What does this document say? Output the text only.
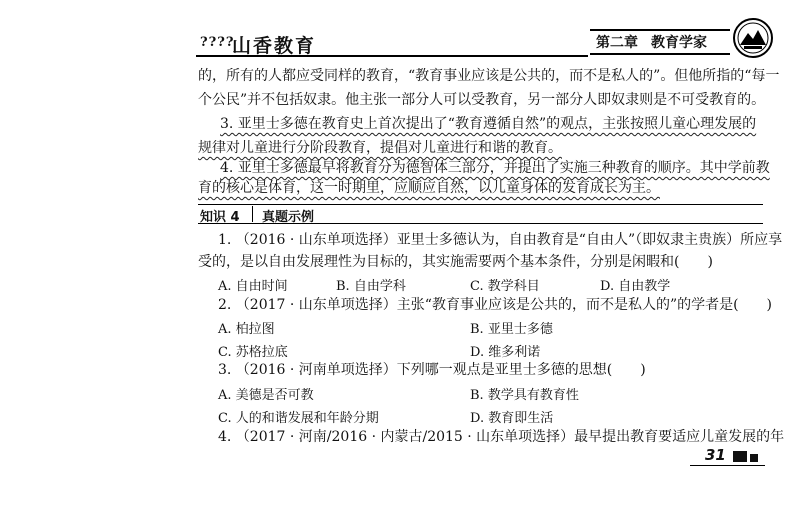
????
山香教育	第二章 教育学家
的，所有的人都应受同样的教育，“教育事业应该是公共的，而不是私人的”。但他所指的“每一
个公民”并不包括奴隶。他主张一部分人可以受教育，另一部分人即奴隶则是不可受教育的。
3. 亚里士多德在教育史上首次提出了“教育遵循自然”的观点，主张按照儿童心理发展的
规律对儿童进行分阶段教育，提倡对儿童进行和谐的教育。
4. 亚里士多德最早将教育分为德智体三部分，并提出了实施三种教育的顺序。其中学前教
育的核心是体育，这一时期里，应顺应自然，以儿童身体的发育成长为主。
知识 4 真题示例
1. （2016 · 山东单项选择）亚里士多德认为，自由教育是“自由人”（即奴隶主贵族）所应享
受的，是以自由发展理性为目标的，其实施需要两个基本条件，分别是闲暇和(　　)
A. 自由时间	B. 自由学科	C. 教学科目	D. 自由教学
2. （2017 · 山东单项选择）主张“教育事业应该是公共的，而不是私人的”的学者是(　　)
A. 柏拉图	B. 亚里士多德
C. 苏格拉底	D. 维多利诺
3. （2016 · 河南单项选择）下列哪一观点是亚里士多德的思想(　　)
A. 美德是否可教	B. 教学具有教育性
C. 人的和谐发展和年龄分期	D. 教育即生活
4. （2017 · 河南/2016 · 内蒙古/2015 · 山东单项选择）最早提出教育要适应儿童发展的年
31
